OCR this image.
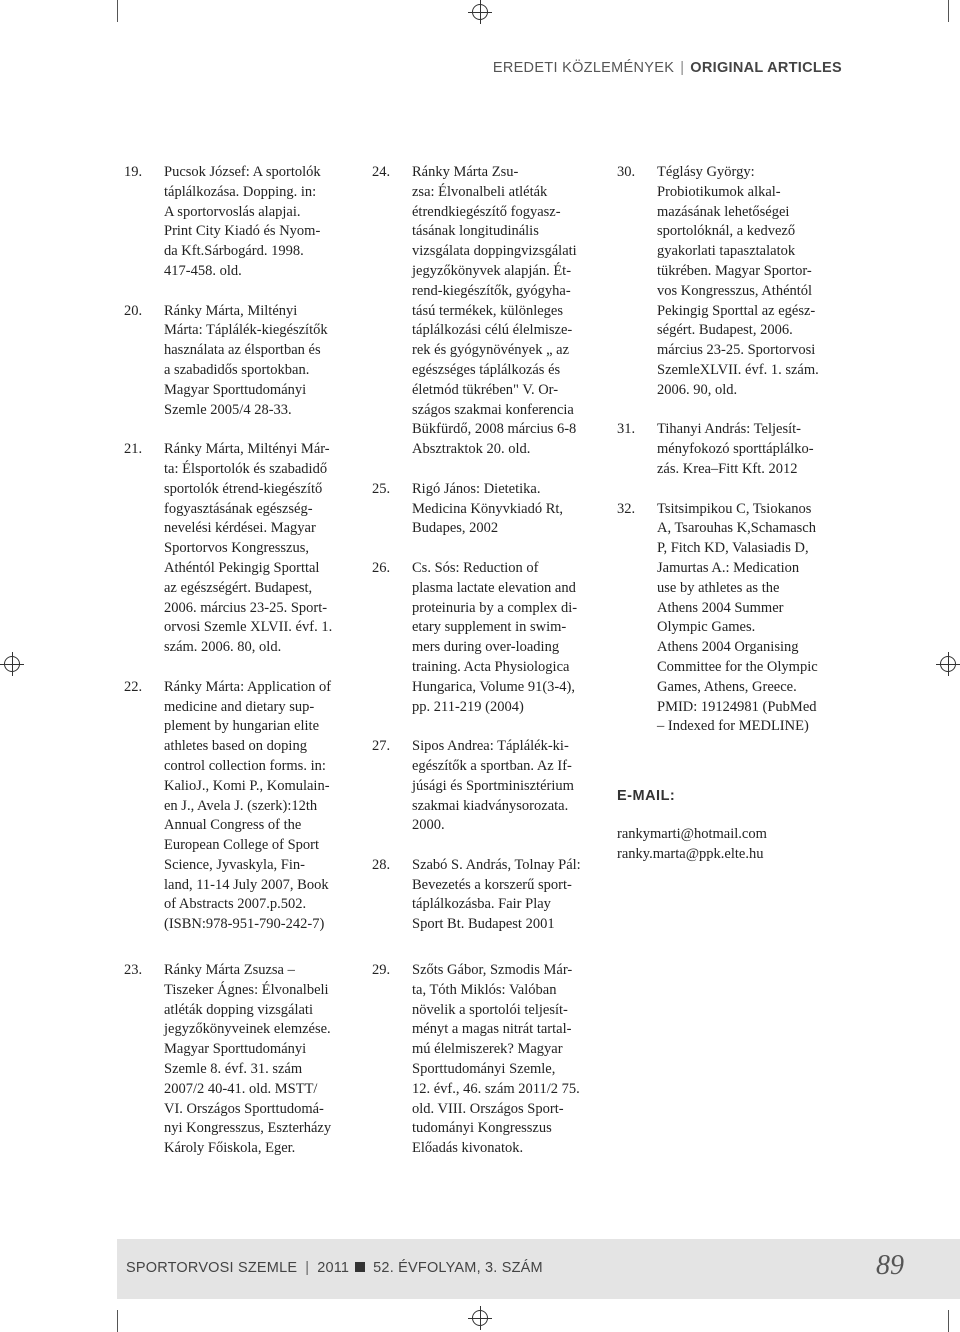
EREDETI KÖZLEMÉNYEK | ORIGINAL ARTICLES
19. Pucsok József: A sportolók
táplálkozása. Dopping. in:
A sportorvoslás alapjai.
Print City Kiadó és Nyom-
da Kft.Sárbogárd. 1998.
417-458. old.
20. Ránky Márta, Miltényi
Márta: Táplálék-kiegészítők
használata az élsportban és
a szabadidős sportokban.
Magyar Sporttudományi
Szemle 2005/4 28-33.
21. Ránky Márta, Miltényi Már-
ta: Élsportolók és szabadidő
sportolók étrend-kiegészítő
fogyasztásának egészség-
nevelési kérdései. Magyar
Sportorvos Kongresszus,
Athéntól Pekingig Sporttal
az egészségért. Budapest,
2006. március 23-25. Sport-
orvosi Szemle XLVII. évf. 1.
szám. 2006. 80, old.
22. Ránky Márta: Application of
medicine and dietary sup-
plement by hungarian elite
athletes based on doping
control collection forms. in:
KalioJ., Komi P., Komulain-
en J., Avela J. (szerk):12th
Annual Congress of the
European College of Sport
Science, Jyvaskyla, Fin-
land, 11-14 July 2007, Book
of Abstracts 2007.p.502.
(ISBN:978-951-790-242-7)
24. Ránky Márta Zsu-
zsa: Élvonalbeli atléták
étrendkiegészítő fogyasz-
tásának longitudinális
vizsgálata doppingvizsgálati
jegyzőkönyvek alapján. Ét-
rend-kiegészítők, gyógyha-
tású termékek, különleges
táplálkozási célú élelmisze-
rek és gyógynövények „ az
egészséges táplálkozás és
életmód tükrében" V. Or-
szágos szakmai konferencia
Bükfürdő, 2008 március 6-8
Absztraktok 20. old.
25. Rigó János: Dietetika.
Medicina Könyvkiadó Rt,
Budapes, 2002
26. Cs. Sós: Reduction of
plasma lactate elevation and
proteinuria by a complex di-
etary supplement in swim-
mers during over-loading
training. Acta Physiologica
Hungarica, Volume 91(3-4),
pp. 211-219 (2004)
27. Sipos Andrea: Táplálék-ki-
egészítők a sportban. Az If-
júsági és Sportminisztérium
szakmai kiadványsorozata.
2000.
28. Szabó S. András, Tolnay Pál:
Bevezetés a korszerű sport-
táplálkozásba. Fair Play
Sport Bt. Budapest 2001
30. Téglásy György:
Probiotikumok alkal-
mazásának lehetőségei
sportolóknál, a kedvező
gyakorlati tapasztalatok
tükrében. Magyar Sportor-
vos Kongresszus, Athéntól
Pekingig Sporttal az egész-
ségért. Budapest, 2006.
március 23-25. Sportorvosi
SzemleXLVII. évf. 1. szám.
2006. 90, old.
31. Tihanyi András: Teljesít-
ményfokozó sporttáplálko-
zás. Krea–Fitt Kft. 2012
32. Tsitsimpikou C, Tsiokanos
A, Tsarouhas K,Schamasch
P, Fitch KD, Valasiadis D,
Jamurtas A.: Medication
use by athletes as the
Athens 2004 Summer
Olympic Games.
Athens 2004 Organising
Committee for the Olympic
Games, Athens, Greece.
PMID: 19124981 (PubMed
– Indexed for MEDLINE)
E-MAIL:
rankymarti@hotmail.com
ranky.marta@ppk.elte.hu
23. Ránky Márta Zsuzsa –
Tiszeker Ágnes: Élvonalbeli
atléták dopping vizsgálati
jegyzőkönyveinek elemzése.
Magyar Sporttudományi
Szemle 8. évf. 31. szám
2007/2 40-41. old. MSTT/
VI. Országos Sporttudomá-
nyi Kongresszus, Eszterházy
Károly Főiskola, Eger.
29. Szőts Gábor, Szmodis Már-
ta, Tóth Miklós: Valóban
növelik a sportolói teljesít-
ményt a magas nitrát tartal-
mú élelmiszerek? Magyar
Sporttudományi Szemle,
12. évf., 46. szám 2011/2 75.
old. VIII. Országos Sport-
tudományi Kongresszus
Előadás kivonatok.
SPORTORVOSI SZEMLE | 2011 52. ÉVFOLYAM, 3. SZÁM	89
